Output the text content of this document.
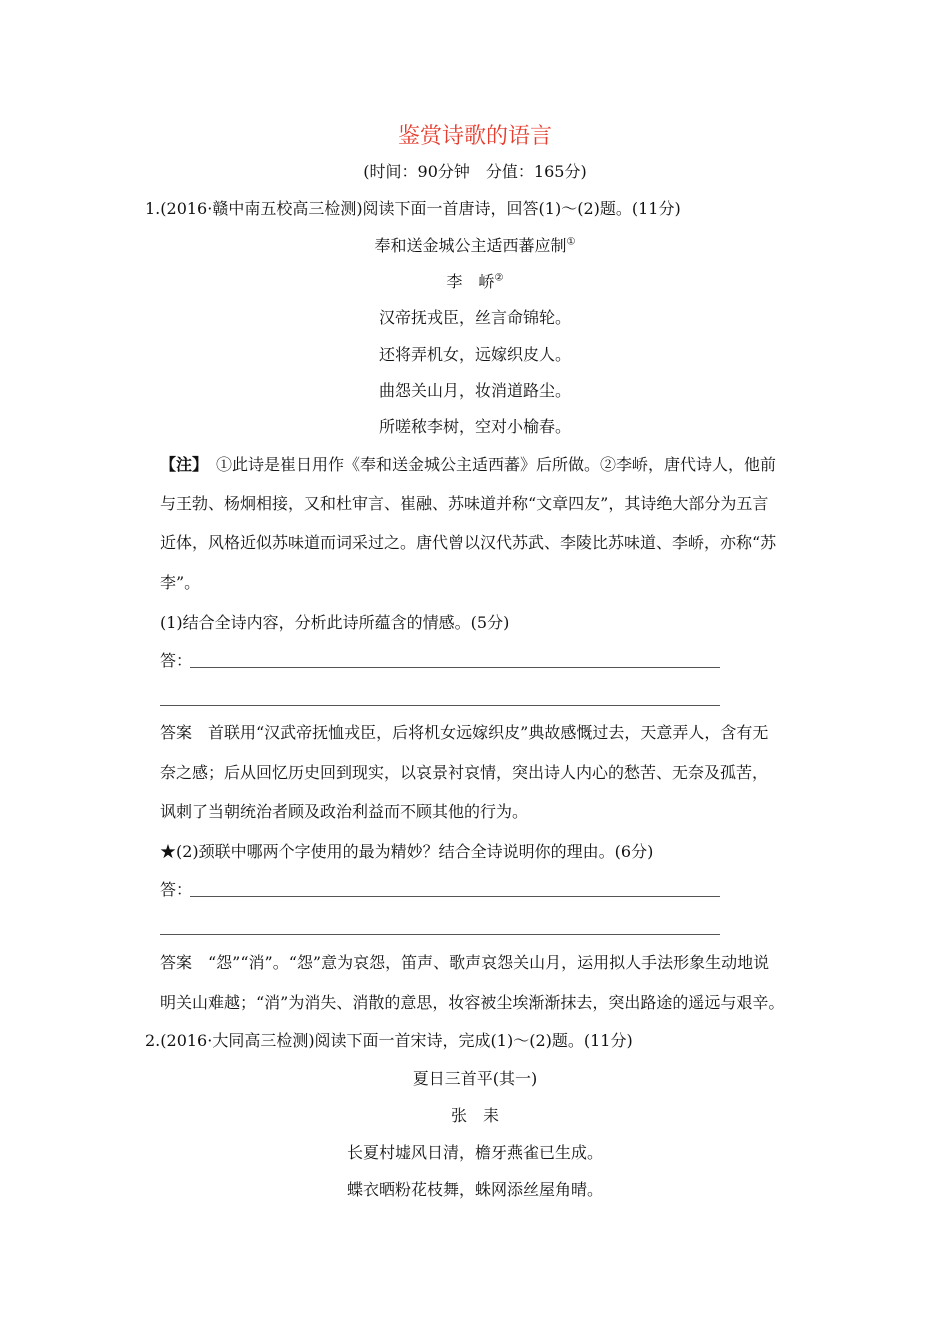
鉴赏诗歌的语言
(时间：90分钟　分值：165分)
1.(2016·赣中南五校高三检测)阅读下面一首唐诗，回答(1)～(2)题。(11分)
奉和送金城公主适西蕃应制①
李　峤②
汉帝抚戎臣，丝言命锦轮。
还将弄机女，远嫁织皮人。
曲怨关山月，妆消道路尘。
所嗟秾李树，空对小榆春。
【注】  ①此诗是崔日用作《奉和送金城公主适西蕃》后所做。②李峤，唐代诗人，他前
与王勃、杨炯相接，又和杜审言、崔融、苏味道并称“文章四友”，其诗绝大部分为五言
近体，风格近似苏味道而词采过之。唐代曾以汉代苏武、李陵比苏味道、李峤，亦称“苏
李”。
(1)结合全诗内容，分析此诗所蕴含的情感。(5分)
答：
答案　首联用“汉武帝抚恤戎臣，后将机女远嫁织皮”典故感慨过去，天意弄人，含有无
奈之感；后从回忆历史回到现实，以哀景衬哀情，突出诗人内心的愁苦、无奈及孤苦，
讽刺了当朝统治者顾及政治利益而不顾其他的行为。
★(2)颈联中哪两个字使用的最为精妙？结合全诗说明你的理由。(6分)
答：
答案　“怨”“消”。“怨”意为哀怨，笛声、歌声哀怨关山月，运用拟人手法形象生动地说
明关山难越；“消”为消失、消散的意思，妆容被尘埃渐渐抹去，突出路途的遥远与艰辛。
2.(2016·大同高三检测)阅读下面一首宋诗，完成(1)～(2)题。(11分)
夏日三首平(其一)
张　耒
长夏村墟风日清，檐牙燕雀已生成。
蝶衣晒粉花枝舞，蛛网添丝屋角晴。
